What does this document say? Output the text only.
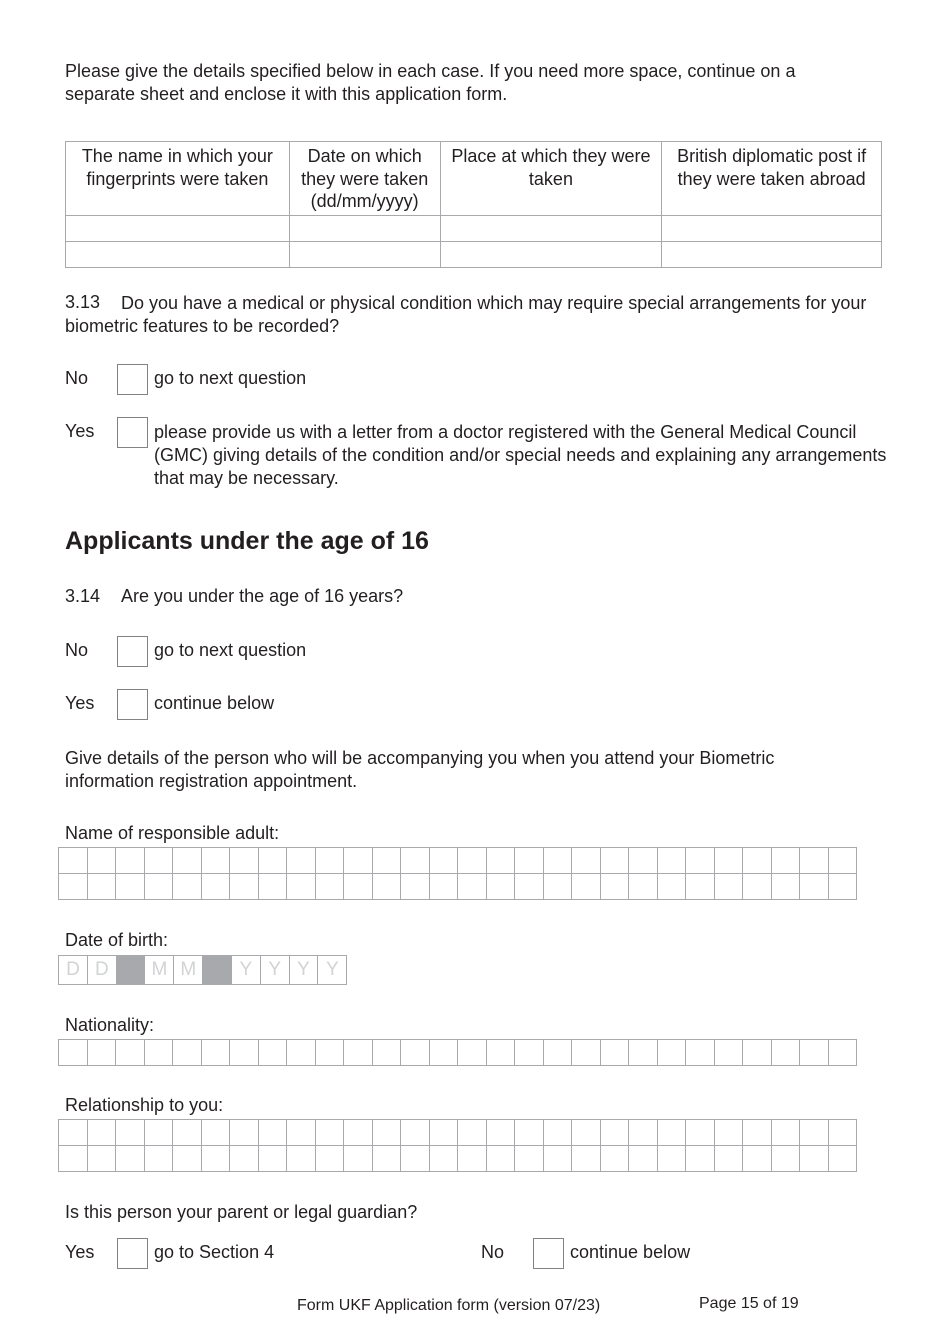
Please give the details specified below in each case. If you need more space, continue on a separate sheet and enclose it with this application form.

The name in which your fingerprints were taken	Date on which they were taken (dd/mm/yyyy)	Place at which they were taken	British diplomatic post if they were taken abroad

3.13	Do you have a medical or physical condition which may require special arrangements for your biometric features to be recorded?

No	go to next question
Yes	please provide us with a letter from a doctor registered with the General Medical Council (GMC) giving details of the condition and/or special needs and explaining any arrangements that may be necessary.

Applicants under the age of 16
3.14 Are you under the age of 16 years?
No	go to next question
Yes	continue below

Give details of the person who will be accompanying you when you attend your Biometric information registration appointment.

Name of responsible adult:
Date of birth:
D D	M M	Y Y Y Y
Nationality:
Relationship to you:

Is this person your parent or legal guardian?

Yes	go to Section 4	No	continue below
Form UKF Application form (version 07/23)	Page 15 of 19
